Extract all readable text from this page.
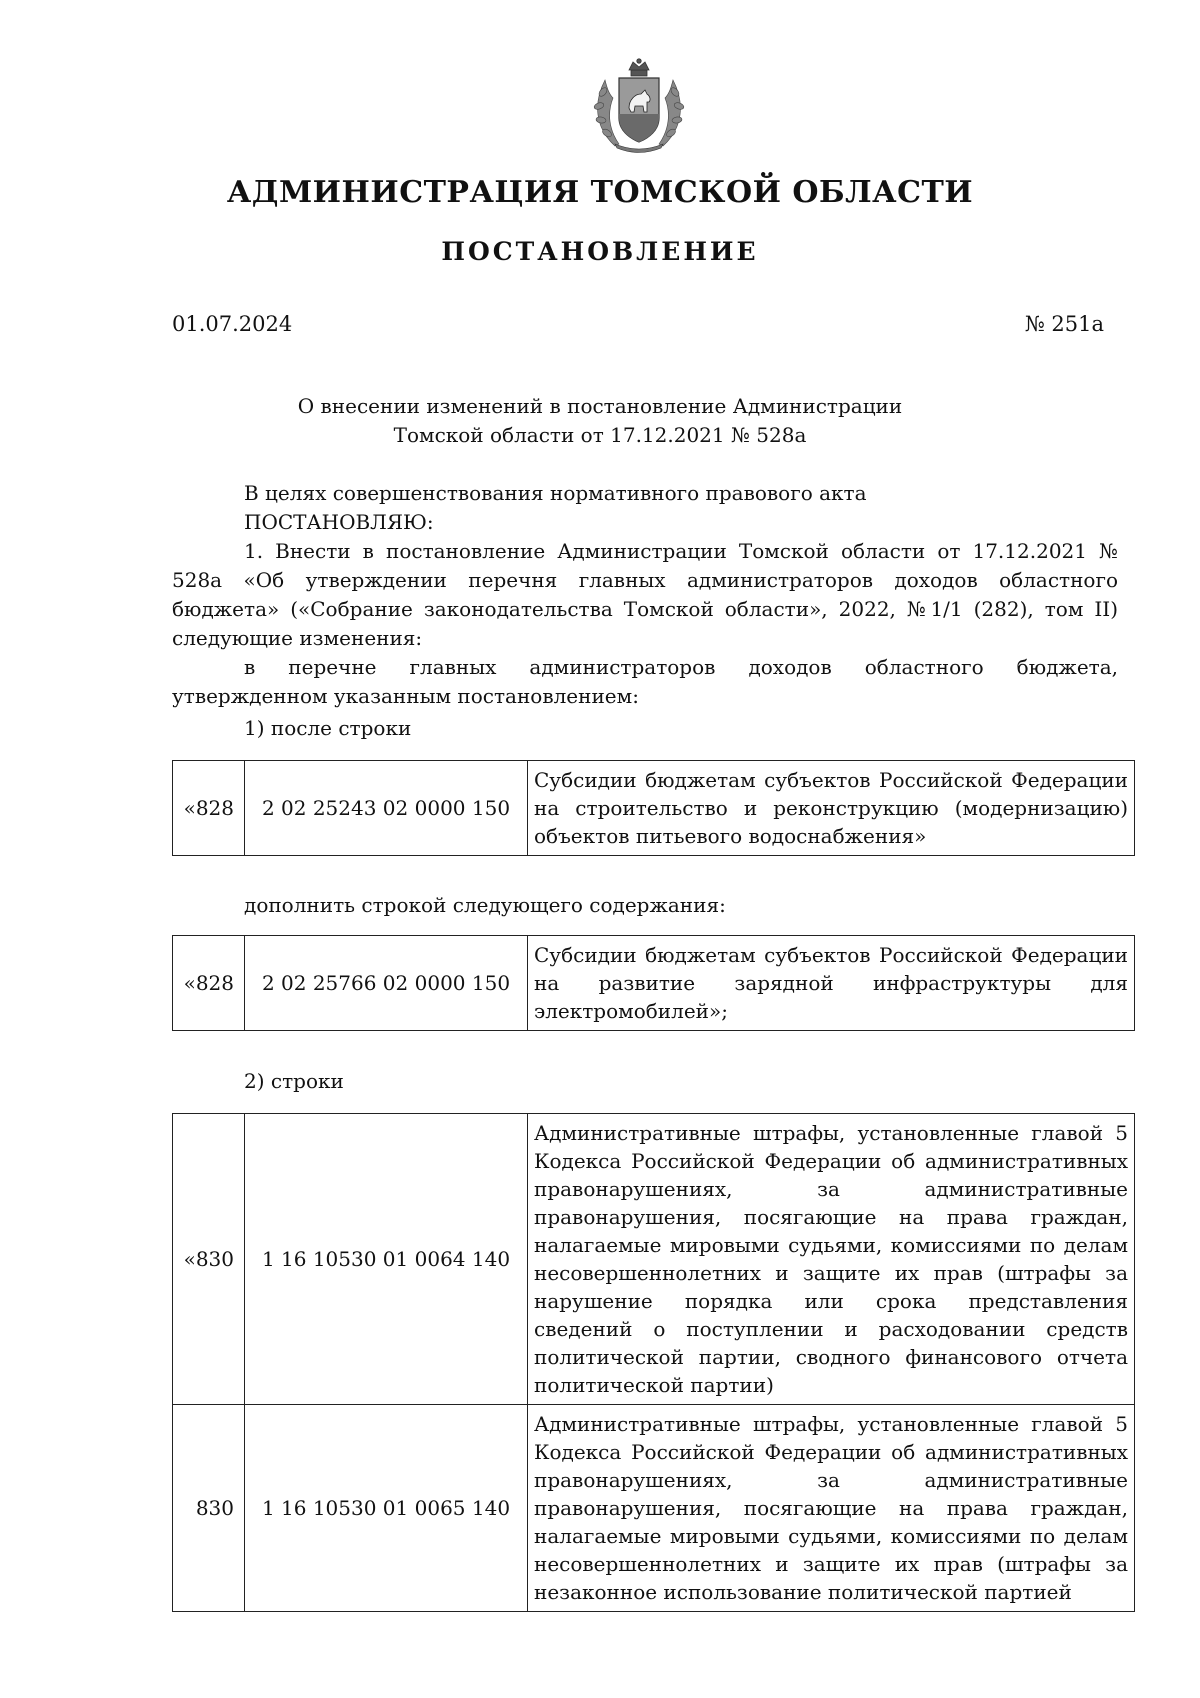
АДМИНИСТРАЦИЯ ТОМСКОЙ ОБЛАСТИ
ПОСТАНОВЛЕНИЕ
01.07.2024	№ 251а
О внесении изменений в постановление Администрации
Томской области от 17.12.2021 № 528а

В целях совершенствования нормативного правового акта

ПОСТАНОВЛЯЮ:

1. Внести в постановление Администрации Томской области от 17.12.2021 № 528а «Об утверждении перечня главных администраторов доходов областного бюджета» («Собрание законодательства Томской области», 2022, №1/1 (282), том II) следующие изменения:

в перечне главных администраторов доходов областного бюджета, утвержденном указанным постановлением:

1) после строки

«828	2 02 25243 02 0000 150	Субсидии бюджетам субъектов Российской Федерации на строительство и реконструкцию (модернизацию) объектов питьевого водоснабжения»

дополнить строкой следующего содержания:

«828	2 02 25766 02 0000 150	Субсидии бюджетам субъектов Российской Федерации на развитие зарядной инфраструктуры для электромобилей»;

2) строки

«830	1 16 10530 01 0064 140	Административные штрафы, установленные главой 5 Кодекса Российской Федерации об административных правонарушениях, за административные правонарушения, посягающие на права граждан, налагаемые мировыми судьями, комиссиями по делам несовершеннолетних и защите их прав (штрафы за нарушение порядка или срока представления сведений о поступлении и расходовании средств политической партии, сводного финансового отчета политической партии)
830	1 16 10530 01 0065 140	Административные штрафы, установленные главой 5 Кодекса Российской Федерации об административных правонарушениях, за административные правонарушения, посягающие на права граждан, налагаемые мировыми судьями, комиссиями по делам несовершеннолетних и защите их прав (штрафы за незаконное использование политической партией
